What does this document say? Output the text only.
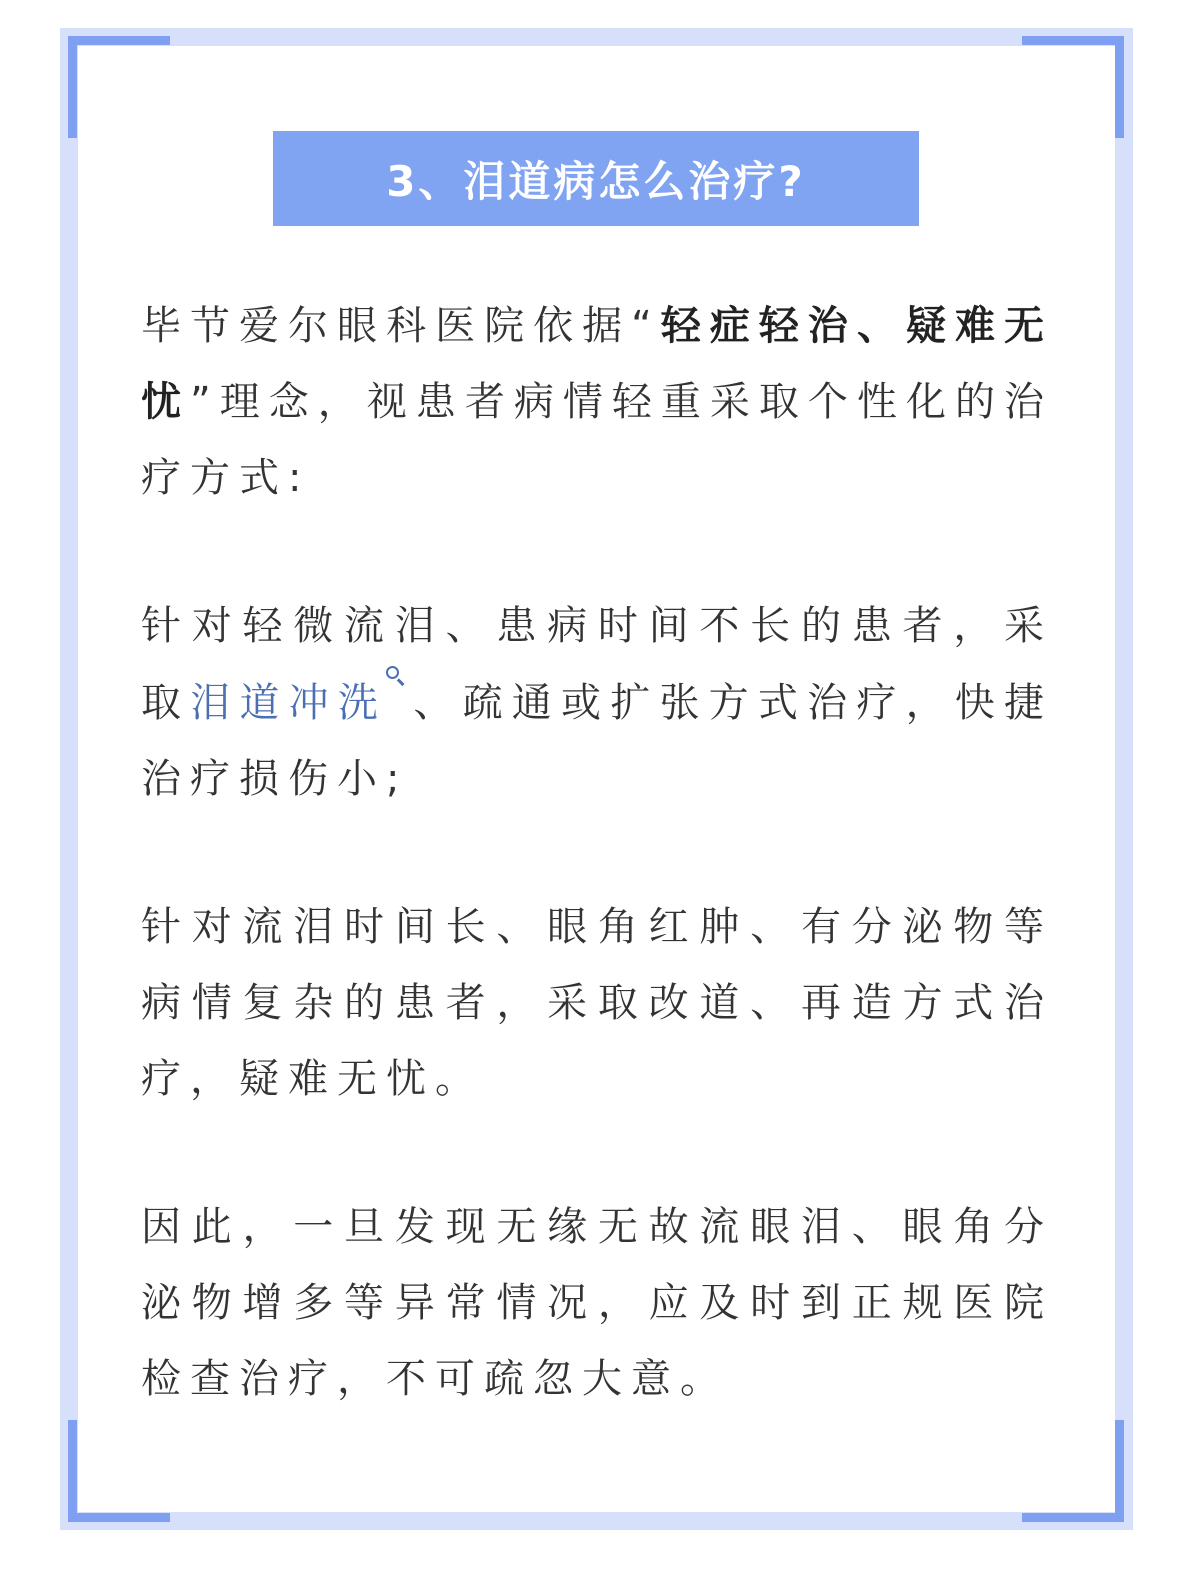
3、泪道病怎么治疗?

毕节爱尔眼科医院依据“轻症轻治、疑难无忧”理念，视患者病情轻重采取个性化的治疗方式:

针对轻微流泪、患病时间不长的患者，采取泪道冲洗 、疏通或扩张方式治疗，快捷治疗损伤小;

针对流泪时间长、眼角红肿、有分泌物等病情复杂的患者，采取改道、再造方式治疗，疑难无忧。

因此，一旦发现无缘无故流眼泪、眼角分泌物增多等异常情况，应及时到正规医院检查治疗，不可疏忽大意。
